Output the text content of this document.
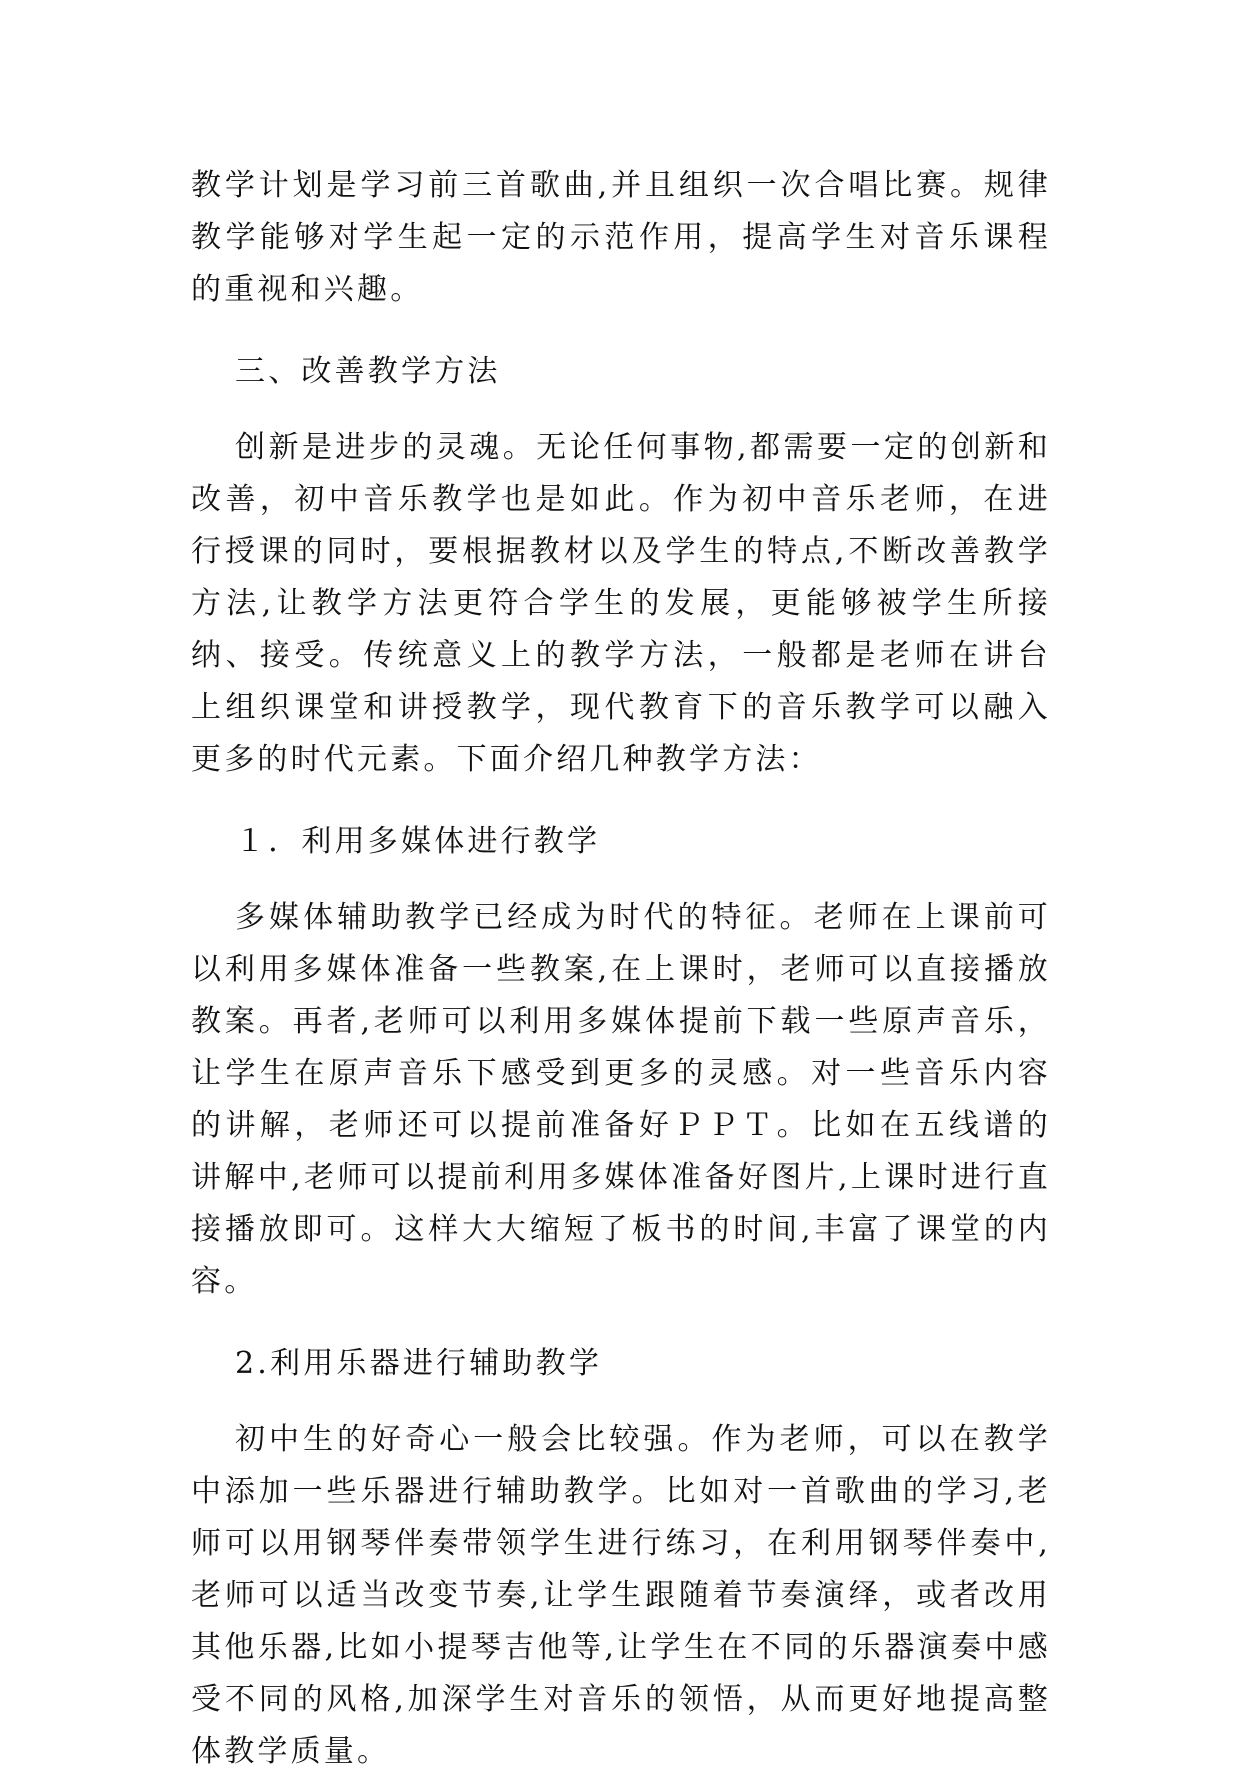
教学计划是学习前三首歌曲,并且组织一次合唱比赛。规律教学能够对学生起一定的示范作用，提高学生对音乐课程的重视和兴趣。

三、改善教学方法

创新是进步的灵魂。无论任何事物,都需要一定的创新和改善，初中音乐教学也是如此。作为初中音乐老师，在进行授课的同时，要根据教材以及学生的特点,不断改善教学方法,让教学方法更符合学生的发展，更能够被学生所接纳、接受。传统意义上的教学方法，一般都是老师在讲台上组织课堂和讲授教学，现代教育下的音乐教学可以融入更多的时代元素。下面介绍几种教学方法：

１．利用多媒体进行教学

多媒体辅助教学已经成为时代的特征。老师在上课前可以利用多媒体准备一些教案,在上课时，老师可以直接播放教案。再者,老师可以利用多媒体提前下载一些原声音乐，让学生在原声音乐下感受到更多的灵感。对一些音乐内容的讲解，老师还可以提前准备好ＰＰＴ。比如在五线谱的讲解中,老师可以提前利用多媒体准备好图片,上课时进行直接播放即可。这样大大缩短了板书的时间,丰富了课堂的内容。

2.利用乐器进行辅助教学

初中生的好奇心一般会比较强。作为老师，可以在教学中添加一些乐器进行辅助教学。比如对一首歌曲的学习,老师可以用钢琴伴奏带领学生进行练习，在利用钢琴伴奏中,老师可以适当改变节奏,让学生跟随着节奏演绎，或者改用其他乐器,比如小提琴吉他等,让学生在不同的乐器演奏中感受不同的风格,加深学生对音乐的领悟，从而更好地提高整体教学质量。
